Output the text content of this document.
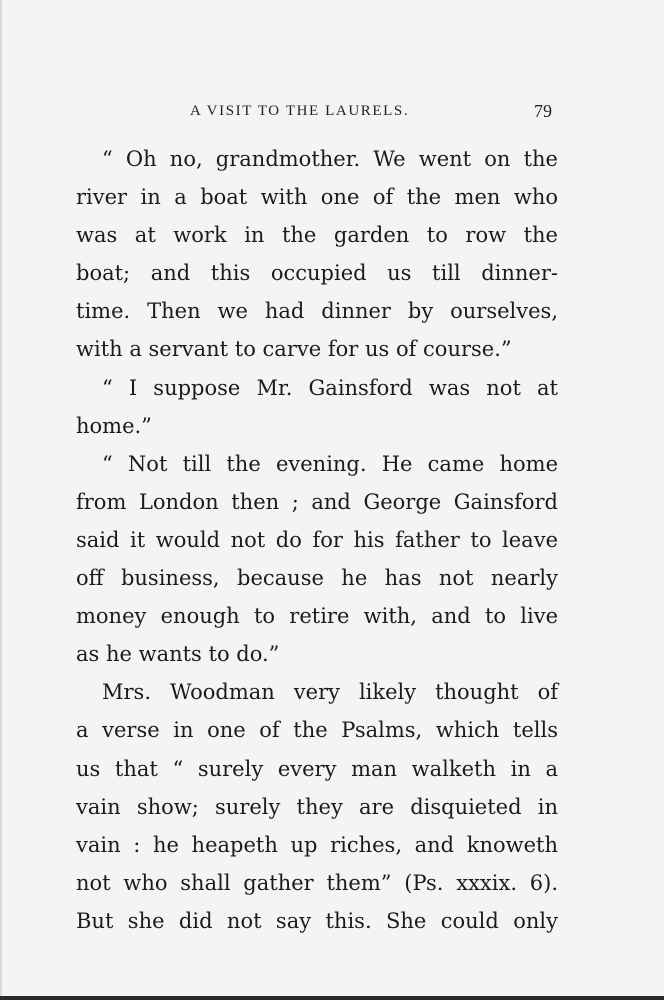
A VISIT TO THE LAURELS.	79
“ Oh no, grandmother. We went on the
river in a boat with one of the men who
was at work in the garden to row the
boat; and this occupied us till dinner-
time. Then we had dinner by ourselves,
with a servant to carve for us of course.”
“ I suppose Mr. Gainsford was not at
home.”
“ Not till the evening. He came home
from London then ; and George Gainsford
said it would not do for his father to leave
off business, because he has not nearly
money enough to retire with, and to live
as he wants to do.”
Mrs. Woodman very likely thought of
a verse in one of the Psalms, which tells
us that “ surely every man walketh in a
vain show; surely they are disquieted in
vain : he heapeth up riches, and knoweth
not who shall gather them” (Ps. xxxix. 6).
But she did not say this. She could only
